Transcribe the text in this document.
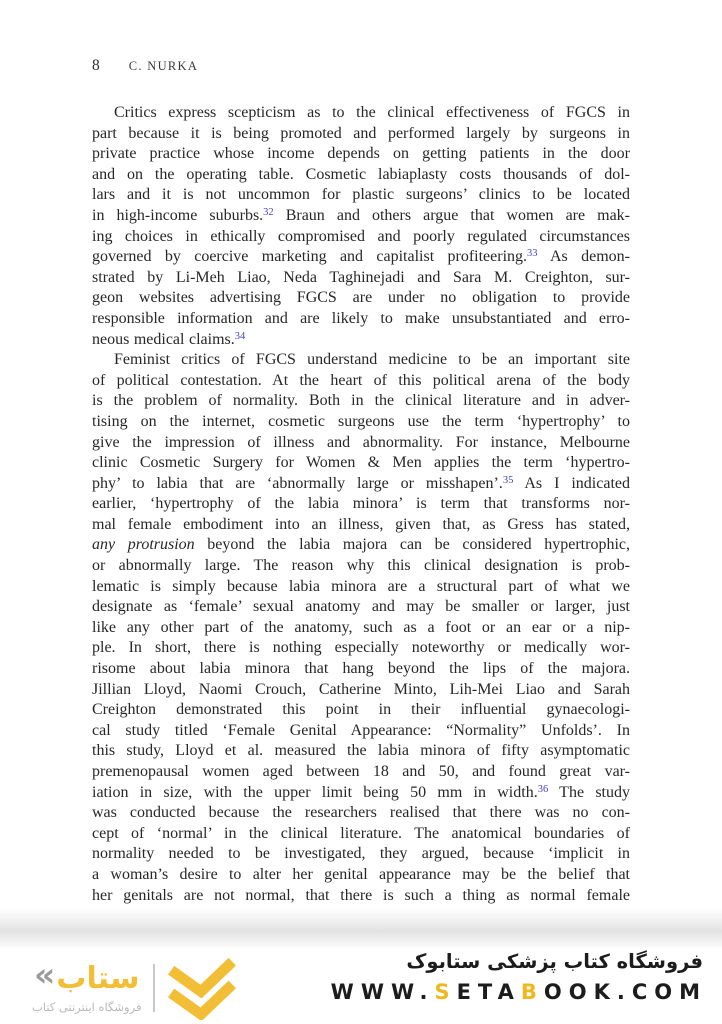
8 C. NURKA
Critics express scepticism as to the clinical effectiveness of FGCS in
part because it is being promoted and performed largely by surgeons in
private practice whose income depends on getting patients in the door
and on the operating table. Cosmetic labiaplasty costs thousands of dol-
lars and it is not uncommon for plastic surgeons’ clinics to be located
in high-income suburbs.$^{32}$ Braun and others argue that women are mak-
ing choices in ethically compromised and poorly regulated circumstances
governed by coercive marketing and capitalist profiteering.$^{33}$ As demon-
strated by Li-Meh Liao, Neda Taghinejadi and Sara M. Creighton, sur-
geon websites advertising FGCS are under no obligation to provide
responsible information and are likely to make unsubstantiated and erro-
neous medical claims.$^{34}$
Feminist critics of FGCS understand medicine to be an important site
of political contestation. At the heart of this political arena of the body
is the problem of normality. Both in the clinical literature and in adver-
tising on the internet, cosmetic surgeons use the term ‘hypertrophy’ to
give the impression of illness and abnormality. For instance, Melbourne
clinic Cosmetic Surgery for Women & Men applies the term ‘hypertro-
phy’ to labia that are ‘abnormally large or misshapen’.$^{35}$ As I indicated
earlier, ‘hypertrophy of the labia minora’ is term that transforms nor-
mal female embodiment into an illness, given that, as Gress has stated,
any protrusion beyond the labia majora can be considered hypertrophic,
or abnormally large. The reason why this clinical designation is prob-
lematic is simply because labia minora are a structural part of what we
designate as ‘female’ sexual anatomy and may be smaller or larger, just
like any other part of the anatomy, such as a foot or an ear or a nip-
ple. In short, there is nothing especially noteworthy or medically wor-
risome about labia minora that hang beyond the lips of the majora.
Jillian Lloyd, Naomi Crouch, Catherine Minto, Lih-Mei Liao and Sarah
Creighton demonstrated this point in their influential gynaecologi-
cal study titled ‘Female Genital Appearance: “Normality” Unfolds’. In
this study, Lloyd et al. measured the labia minora of fifty asymptomatic
premenopausal women aged between 18 and 50, and found great var-
iation in size, with the upper limit being 50 mm in width.$^{36}$ The study
was conducted because the researchers realised that there was no con-
cept of ‘normal’ in the clinical literature. The anatomical boundaries of
normality needed to be investigated, they argued, because ‘implicit in
a woman’s desire to alter her genital appearance may be the belief that
her genitals are not normal, that there is such a thing as normal female
« ستاب
فروشگاه اینترنتی کتاب
فروشگاه کتاب پزشکی ستابوک
WWW.SETABOOK.COM
